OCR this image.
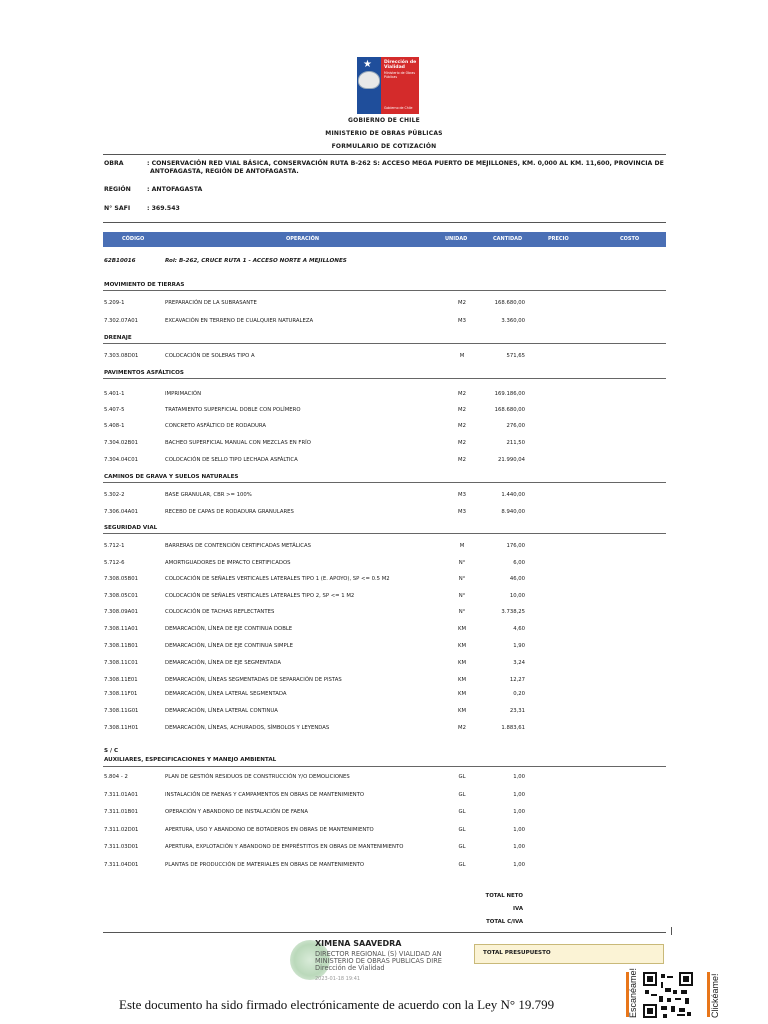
★	Dirección de
Vialidad
Ministerio de Obras Públicas
Gobierno de Chile
GOBIERNO DE CHILE
MINISTERIO DE OBRAS PÚBLICAS
FORMULARIO DE COTIZACIÓN
OBRA	: CONSERVACIÓN RED VIAL BÁSICA, CONSERVACIÓN RUTA B-262 S: ACCESO MEGA PUERTO DE MEJILLONES, KM. 0,000 AL KM. 11,600, PROVINCIA DE
ANTOFAGASTA, REGIÓN DE ANTOFAGASTA.
REGIÓN	: ANTOFAGASTA
N° SAFI	: 369.543
CÓDIGO	OPERACIÓN	UNIDAD	CANTIDAD	PRECIO	COSTO
62B10016	Rol: B-262, CRUCE RUTA 1 - ACCESO NORTE A MEJILLONES
MOVIMIENTO DE TIERRAS
DRENAJE
PAVIMENTOS ASFÁLTICOS
CAMINOS DE GRAVA Y SUELOS NATURALES
SEGURIDAD VIAL
S / C
AUXILIARES, ESPECIFICACIONES Y MANEJO AMBIENTAL
5.209-1	PREPARACIÓN DE LA SUBRASANTE	M2	168.680,00
7.302.07A01	EXCAVACIÓN EN TERRENO DE CUALQUIER NATURALEZA	M3	3.360,00
7.303.08D01	COLOCACIÓN DE SOLERAS TIPO A	M	571,65
5.401-1	IMPRIMACIÓN	M2	169.186,00
5.407-5	TRATAMIENTO SUPERFICIAL DOBLE CON POLÍMERO	M2	168.680,00
5.408-1	CONCRETO ASFÁLTICO DE RODADURA	M2	276,00
7.304.02B01	BACHEO SUPERFICIAL MANUAL CON MEZCLAS EN FRÍO	M2	211,50
7.304.04C01	COLOCACIÓN DE SELLO TIPO LECHADA ASFÁLTICA	M2	21.990,04
5.302-2	BASE GRANULAR, CBR >= 100%	M3	1.440,00
7.306.04A01	RECEBO DE CAPAS DE RODADURA GRANULARES	M3	8.940,00
5.712-1	BARRERAS DE CONTENCIÓN CERTIFICADAS METÁLICAS	M	176,00
5.712-6	AMORTIGUADORES DE IMPACTO CERTIFICADOS	N°	6,00
7.308.05B01	COLOCACIÓN DE SEÑALES VERTICALES LATERALES TIPO 1 (E. APOYO), SP <= 0.5 M2	N°	46,00
7.308.05C01	COLOCACIÓN DE SEÑALES VERTICALES LATERALES TIPO 2, SP <= 1 M2	N°	10,00
7.308.09A01	COLOCACIÓN DE TACHAS REFLECTANTES	N°	3.738,25
7.308.11A01	DEMARCACIÓN, LÍNEA DE EJE CONTINUA DOBLE	KM	4,60
7.308.11B01	DEMARCACIÓN, LÍNEA DE EJE CONTINUA SIMPLE	KM	1,90
7.308.11C01	DEMARCACIÓN, LÍNEA DE EJE SEGMENTADA	KM	3,24
7.308.11E01	DEMARCACIÓN, LÍNEAS SEGMENTADAS DE SEPARACIÓN DE PISTAS	KM	12,27
7.308.11F01	DEMARCACIÓN, LÍNEA LATERAL SEGMENTADA	KM	0,20
7.308.11G01	DEMARCACIÓN, LÍNEA LATERAL CONTINUA	KM	23,31
7.308.11H01	DEMARCACIÓN, LÍNEAS, ACHURADOS, SÍMBOLOS Y LEYENDAS	M2	1.883,61
5.804 - 2	PLAN DE GESTIÓN RESIDUOS DE CONSTRUCCIÓN Y/O DEMOLICIONES	GL	1,00
7.311.01A01	INSTALACIÓN DE FAENAS Y CAMPAMENTOS EN OBRAS DE MANTENIMIENTO	GL	1,00
7.311.01B01	OPERACIÓN Y ABANDONO DE INSTALACIÓN DE FAENA	GL	1,00
7.311.02D01	APERTURA, USO Y ABANDONO DE BOTADEROS EN OBRAS DE MANTENIMIENTO	GL	1,00
7.311.03D01	APERTURA, EXPLOTACIÓN Y ABANDONO DE EMPRÉSTITOS EN OBRAS DE MANTENIMIENTO	GL	1,00
7.311.04D01	PLANTAS DE PRODUCCIÓN DE MATERIALES EN OBRAS DE MANTENIMIENTO	GL	1,00
TOTAL NETO
IVA
TOTAL C/IVA
TOTAL PRESUPUESTO
XIMENA SAAVEDRA
DIRECTOR REGIONAL (S) VIALIDAD AN
MINISTERIO DE OBRAS PUBLICAS DIRE
Dirección de Vialidad
2023-01-18 19:41
Este documento ha sido firmado electrónicamente de acuerdo con la Ley N° 19.799	Escanéame!	Clickéame!
